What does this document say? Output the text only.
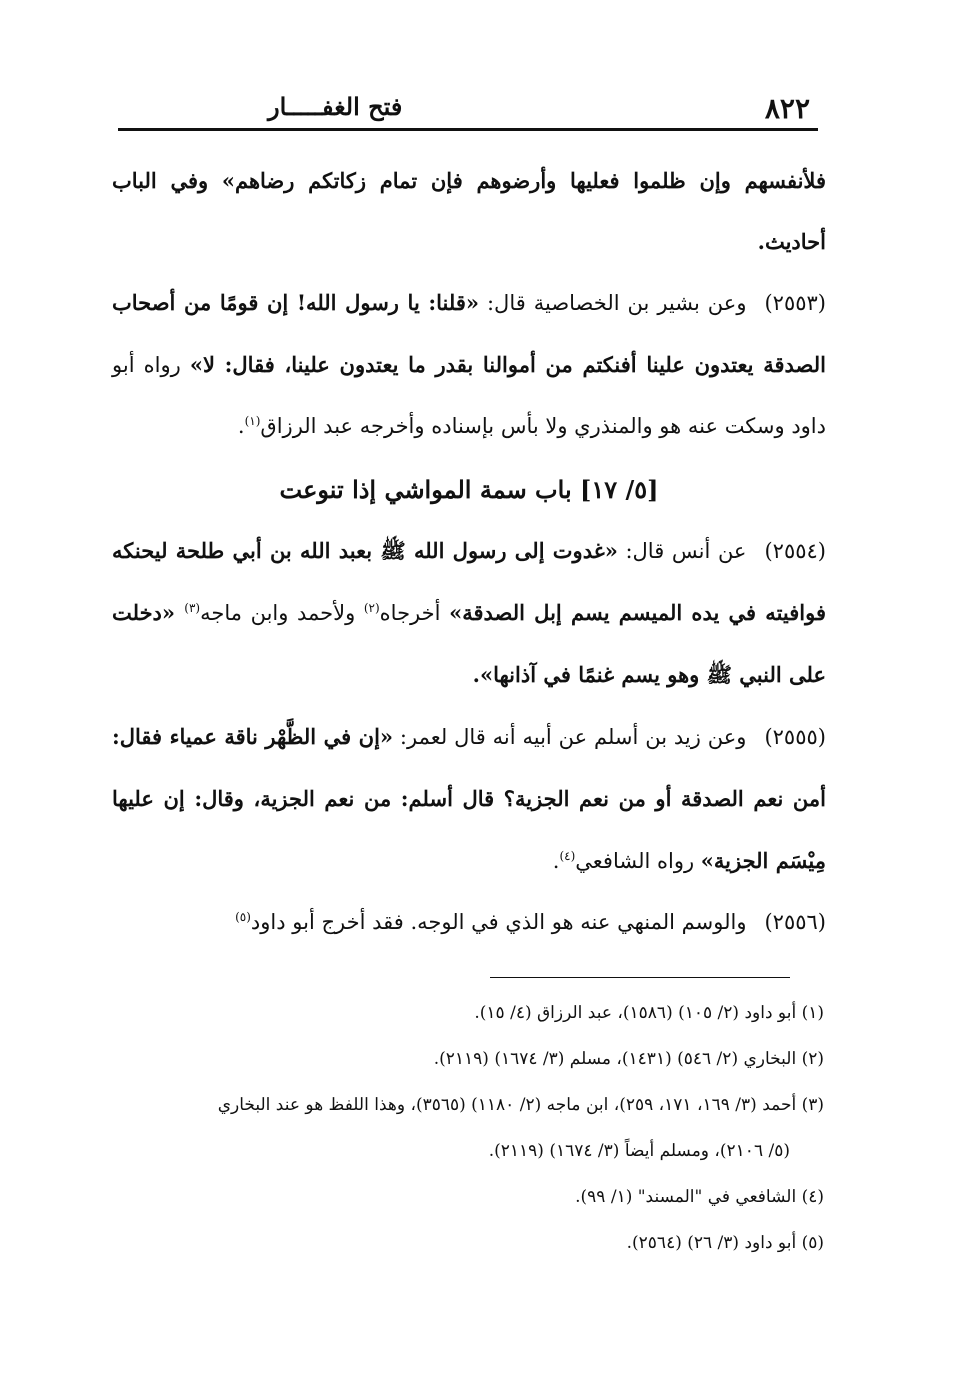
٨٢٢
فتح الغفـــــار

فلأنفسهم وإن ظلموا فعليها وأرضوهم فإن تمام زكاتكم رضاهم» وفي الباب أحاديث.

(٢٥٥٣)وعن بشير بن الخصاصية قال: «قلنا: يا رسول الله! إن قومًا من أصحاب الصدقة يعتدون علينا أفنكتم من أموالنا بقدر ما يعتدون علينا، فقال: لا» رواه أبو داود وسكت عنه هو والمنذري ولا بأس بإسناده وأخرجه عبد الرزاق$^{(١)}$.

[٥/ ١٧] باب سمة المواشي إذا تنوعت

(٢٥٥٤)عن أنس قال: «غدوت إلى رسول الله ﷺ بعبد الله بن أبي طلحة ليحنكه فوافيته في يده الميسم يسم إبل الصدقة» أخرجاه$^{(٢)}$ ولأحمد وابن ماجه$^{(٣)}$ «دخلت على النبي ﷺ وهو يسم غنمًا في آذانها».

(٢٥٥٥)وعن زيد بن أسلم عن أبيه أنه قال لعمر: «إن في الظَّهْر ناقة عمياء فقال: أمن نعم الصدقة أو من نعم الجزية؟ قال أسلم: من نعم الجزية، وقال: إن عليها مِيْسَم الجزية» رواه الشافعي$^{(٤)}$.

(٢٥٥٦)والوسم المنهي عنه هو الذي في الوجه. فقد أخرج أبو داود$^{(٥)}$

(١) أبو داود (٢/ ١٠٥) (١٥٨٦)، عبد الرزاق (٤/ ١٥).

(٢) البخاري (٢/ ٥٤٦) (١٤٣١)، مسلم (٣/ ١٦٧٤) (٢١١٩).

(٣) أحمد (٣/ ١٦٩، ١٧١، ٢٥٩)، ابن ماجه (٢/ ١١٨٠) (٣٥٦٥)، وهذا اللفظ هو عند البخاري

(٥/ ٢١٠٦)، ومسلم أيضاً (٣/ ١٦٧٤) (٢١١٩).

(٤) الشافعي في "المسند" (١/ ٩٩).

(٥) أبو داود (٣/ ٢٦) (٢٥٦٤).
